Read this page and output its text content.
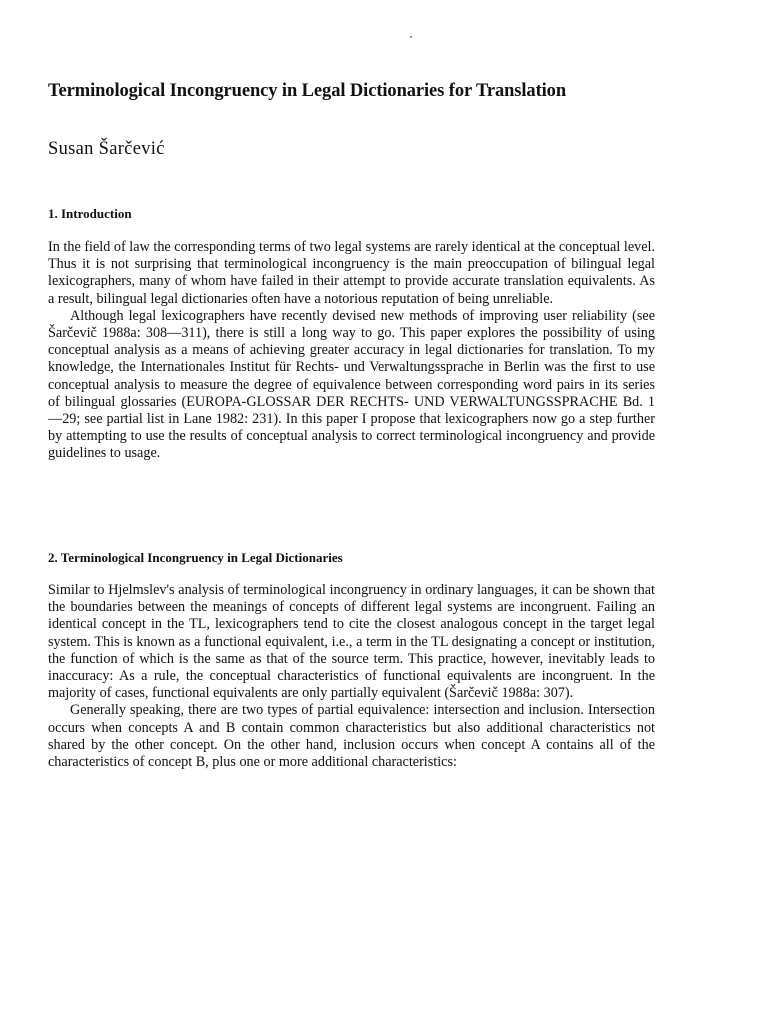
Terminological Incongruency in Legal Dictionaries for Translation
Susan Šarčević
1. Introduction

In the field of law the corresponding terms of two legal systems are rarely identical at the conceptual level. Thus it is not surprising that terminological incongruency is the main preoccupation of bilingual legal lexicographers, many of whom have failed in their attempt to provide accurate translation equivalents. As a result, bilingual legal dictionaries often have a notorious reputation of being unreliable.

Although legal lexicographers have recently devised new methods of improving user reliability (see Šarčevič 1988a: 308—311), there is still a long way to go. This paper explores the possibility of using conceptual analysis as a means of achieving greater accuracy in legal dictionaries for translation. To my knowledge, the Internationales Institut für Rechts- und Verwaltungssprache in Berlin was the first to use conceptual analysis to measure the degree of equivalence between corresponding word pairs in its series of bilingual glossaries (EUROPA-GLOSSAR DER RECHTS- UND VERWALTUNGSSPRACHE Bd. 1—29; see partial list in Lane 1982: 231). In this paper I propose that lexicographers now go a step further by attempting to use the results of conceptual analysis to correct terminological incongruency and provide guidelines to usage.

2. Terminological Incongruency in Legal Dictionaries

Similar to Hjelmslev's analysis of terminological incongruency in ordinary languages, it can be shown that the boundaries between the meanings of concepts of different legal systems are incongruent. Failing an identical concept in the TL, lexicographers tend to cite the closest analogous concept in the target legal system. This is known as a functional equivalent, i.e., a term in the TL designating a concept or institution, the function of which is the same as that of the source term. This practice, however, inevitably leads to inaccuracy: As a rule, the conceptual characteristics of functional equivalents are incongruent. In the majority of cases, functional equivalents are only partially equivalent (Šarčevič 1988a: 307).

Generally speaking, there are two types of partial equivalence: intersection and inclusion. Intersection occurs when concepts A and B contain common characteristics but also additional characteristics not shared by the other concept. On the other hand, inclusion occurs when concept A contains all of the characteristics of concept B, plus one or more additional characteristics:
